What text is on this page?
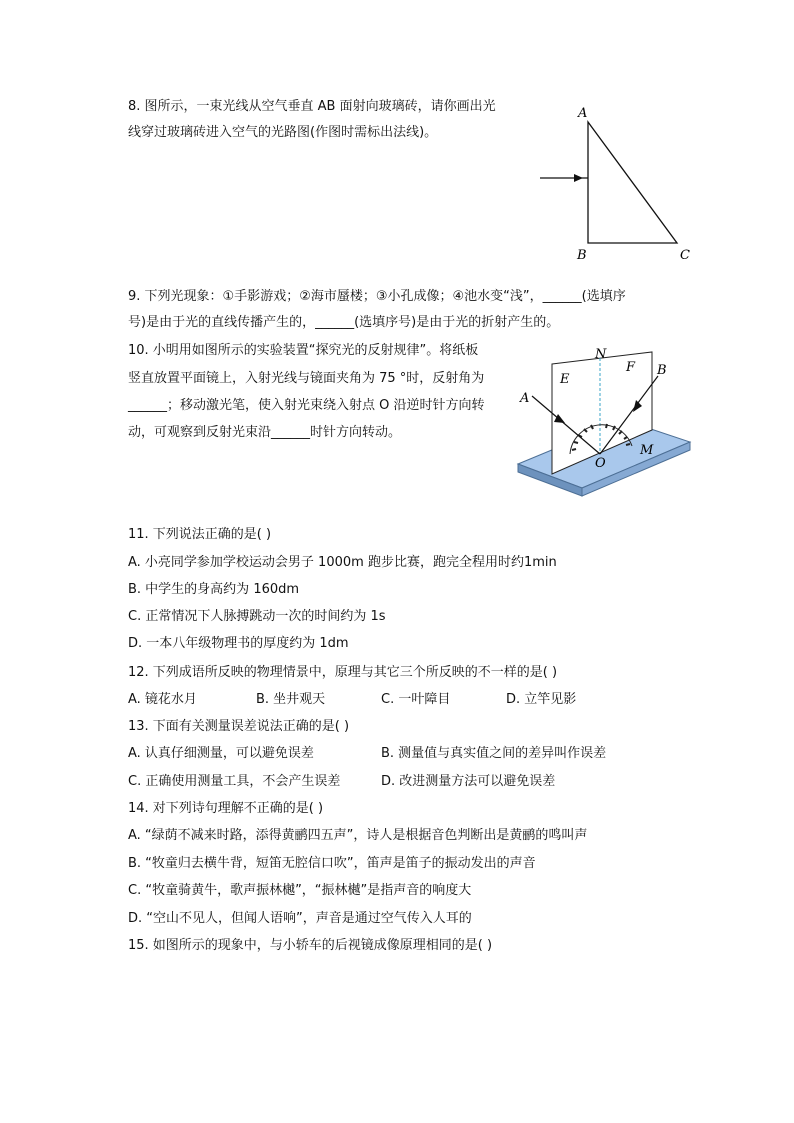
8. 图所示，一束光线从空气垂直 AB 面射向玻璃砖，请你画出光
线穿过玻璃砖进入空气的光路图(作图时需标出法线)。
A
B	C
9. 下列光现象：①手影游戏；②海市蜃楼；③小孔成像；④池水变“浅”，______(选填序
号)是由于光的直线传播产生的，______(选填序号)是由于光的折射产生的。
10. 小明用如图所示的实验装置“探究光的反射规律”。将纸板
竖直放置平面镜上，入射光线与镜面夹角为 75 °时，反射角为
______；移动激光笔，使入射光束绕入射点 O 沿逆时针方向转
动，可观察到反射光束沿______时针方向转动。
N
E
F
A
B
O
M
11. 下列说法正确的是( )
A. 小亮同学参加学校运动会男子 1000m 跑步比赛，跑完全程用时约1min
B. 中学生的身高约为 160dm
C. 正常情况下人脉搏跳动一次的时间约为 1s
D. 一本八年级物理书的厚度约为 1dm
12. 下列成语所反映的物理情景中，原理与其它三个所反映的不一样的是( )
A. 镜花水月	B. 坐井观天	C. 一叶障目	D. 立竿见影
13. 下面有关测量误差说法正确的是( )
A. 认真仔细测量，可以避免误差	B. 测量值与真实值之间的差异叫作误差
C. 正确使用测量工具，不会产生误差	D. 改进测量方法可以避免误差
14. 对下列诗句理解不正确的是( )
A. “绿荫不减来时路，添得黄鹂四五声”，诗人是根据音色判断出是黄鹂的鸣叫声
B. “牧童归去横牛背，短笛无腔信口吹”，笛声是笛子的振动发出的声音
C. “牧童骑黄牛，歌声振林樾”，“振林樾”是指声音的响度大
D. “空山不见人，但闻人语响”，声音是通过空气传入人耳的
15. 如图所示的现象中，与小轿车的后视镜成像原理相同的是( )
